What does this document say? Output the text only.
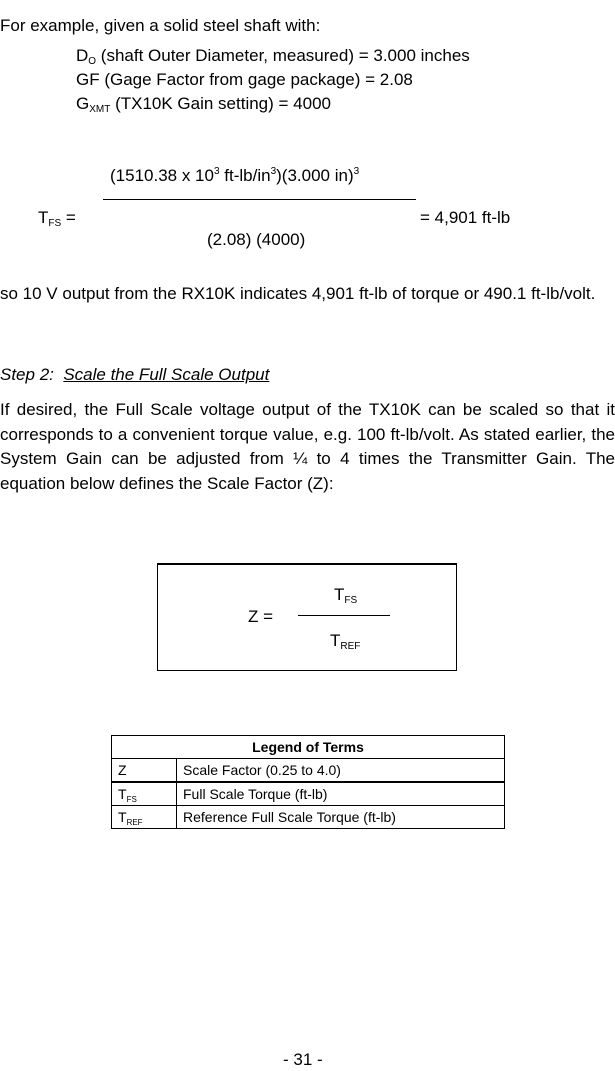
For example, given a solid steel shaft with:
$D_O$ (shaft Outer Diameter, measured) = 3.000 inches
GF (Gage Factor from gage package) = 2.08
$G_{XMT}$ (TX10K Gain setting) = 4000
(1510.38 x $10^3$ $ft-lb/in^3)(3.000$ in)$^3$
$T_{FS}$ =	= 4,901 ft-lb
(2.08) (4000)
so 10 V output from the RX10K indicates 4,901 ft-lb of torque or 490.1 ft-lb/volt.
Step 2: Scale the Full Scale Output
If desired, the Full Scale voltage output of the TX10K can be scaled so that it corresponds to a convenient torque value, e.g. 100 ft-lb/volt. As stated earlier, the System Gain can be adjusted from ¼ to 4 times the Transmitter Gain. The equation below defines the Scale Factor (Z):
Z =
$T_{FS}$
$T_{REF}$
Legend of Terms	
Z	Scale Factor (0.25 to 4.0)
$T_{FS}$	Full Scale Torque (ft-lb)
$T_{REF}$	Reference Full Scale Torque (ft-lb)
- 31 -
